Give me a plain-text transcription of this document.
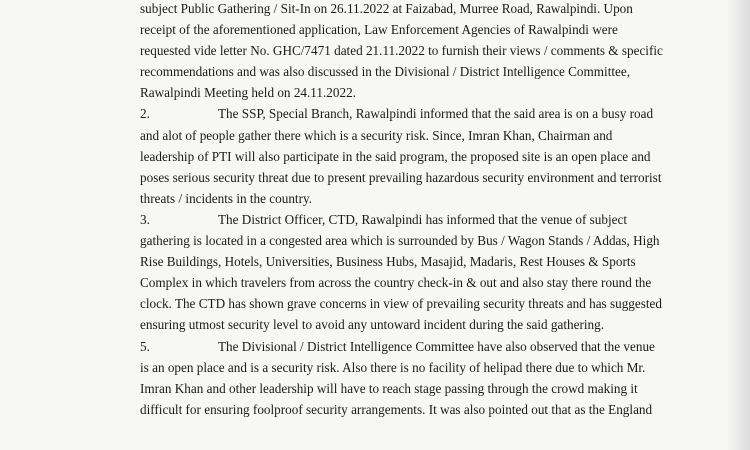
subject Public Gathering / Sit-In on 26.11.2022 at Faizabad, Murree Road, Rawalpindi. Upon
receipt of the aforementioned application, Law Enforcement Agencies of Rawalpindi were
requested vide letter No. GHC/7471 dated 21.11.2022 to furnish their views / comments & specific
recommendations and was also discussed in the Divisional / District Intelligence Committee,
Rawalpindi Meeting held on 24.11.2022.
2.	The SSP, Special Branch, Rawalpindi informed that the said area is on a busy road
and alot of people gather there which is a security risk. Since, Imran Khan, Chairman and
leadership of PTI will also participate in the said program, the proposed site is an open place and
poses serious security threat due to present prevailing hazardous security environment and terrorist
threats / incidents in the country.
3.	The District Officer, CTD, Rawalpindi has informed that the venue of subject
gathering is located in a congested area which is surrounded by Bus / Wagon Stands / Addas, High
Rise Buildings, Hotels, Universities, Business Hubs, Masajid, Madaris, Rest Houses & Sports
Complex in which travelers from across the country check-in & out and also stay there round the
clock. The CTD has shown grave concerns in view of prevailing security threats and has suggested
ensuring utmost security level to avoid any untoward incident during the said gathering.
5.	The Divisional / District Intelligence Committee have also observed that the venue
is an open place and is a security risk. Also there is no facility of helipad there due to which Mr.
Imran Khan and other leadership will have to reach stage passing through the crowd making it
difficult for ensuring foolproof security arrangements. It was also pointed out that as the England
